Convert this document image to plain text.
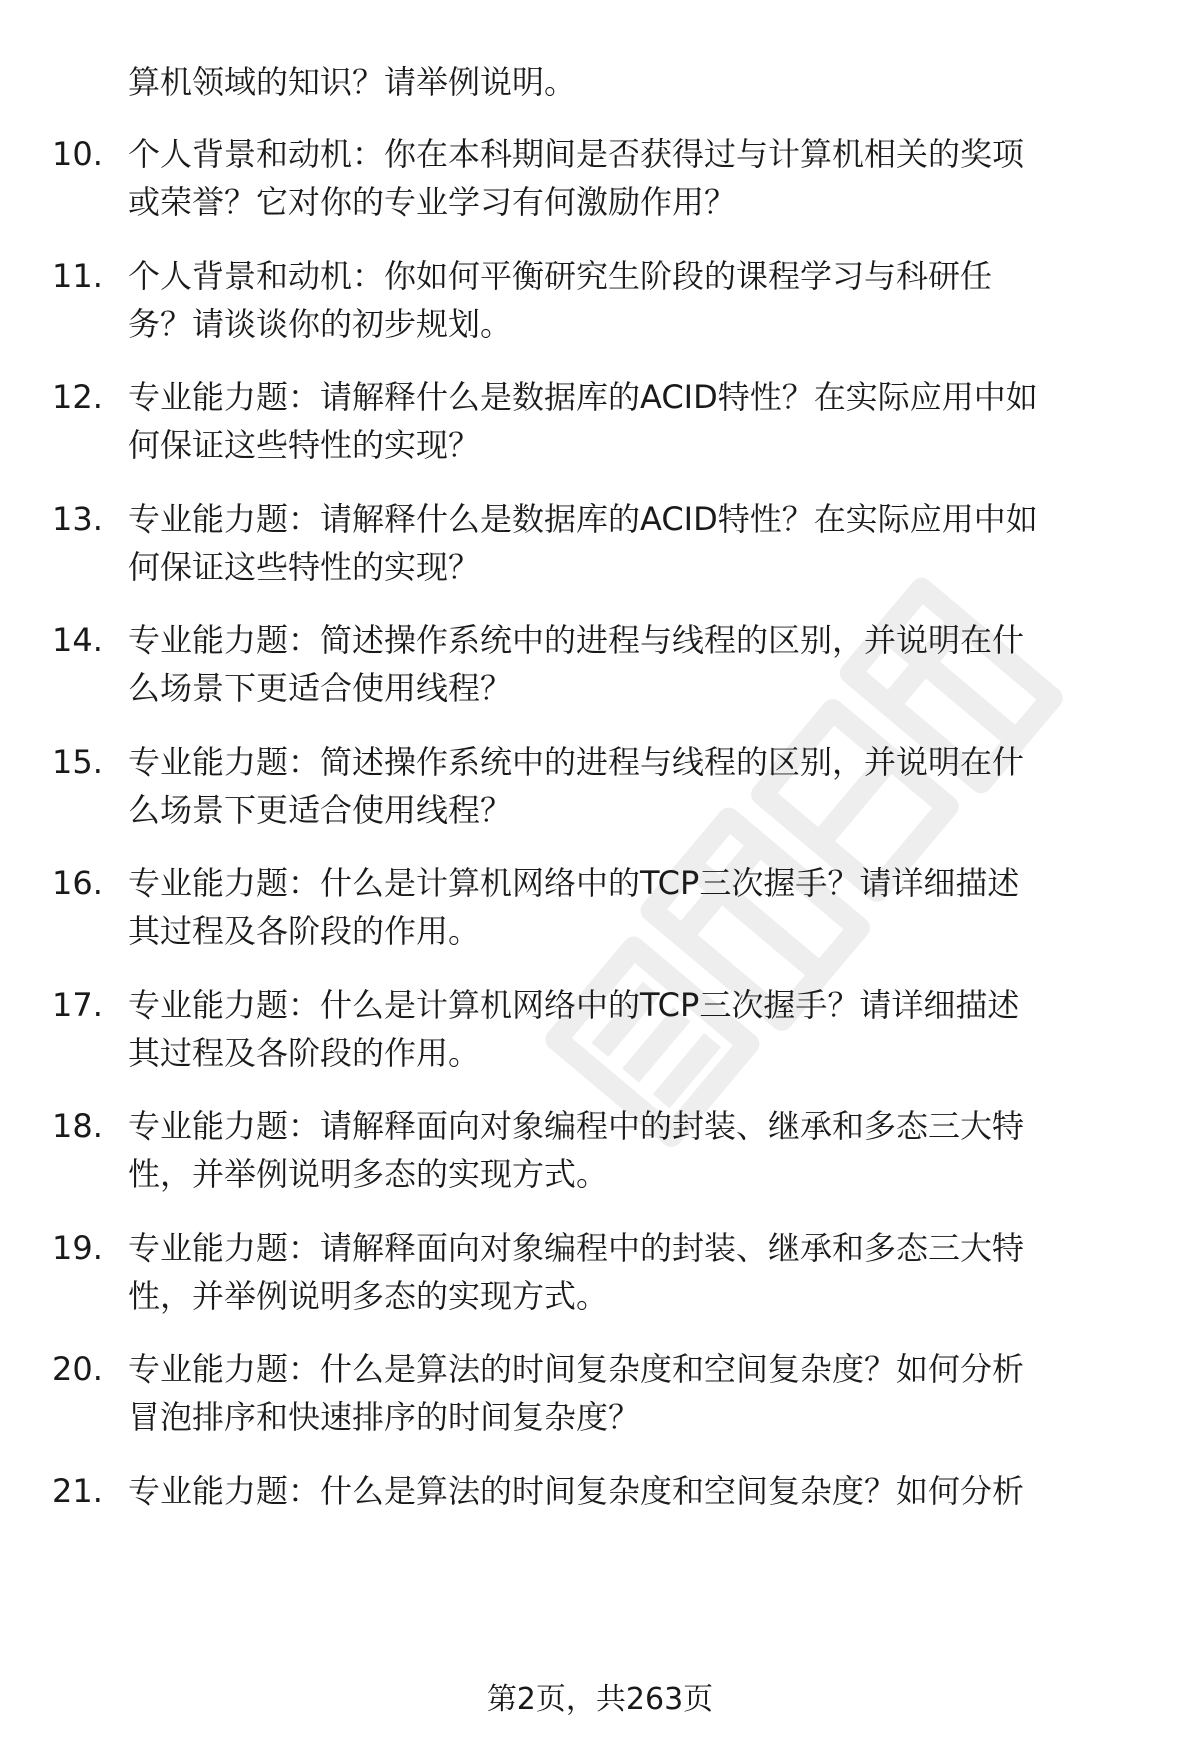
算机领域的知识？请举例说明。
10. 个人背景和动机：你在本科期间是否获得过与计算机相关的奖项
或荣誉？它对你的专业学习有何激励作用？
11. 个人背景和动机：你如何平衡研究生阶段的课程学习与科研任
务？请谈谈你的初步规划。
12. 专业能力题：请解释什么是数据库的ACID特性？在实际应用中如
何保证这些特性的实现？
13. 专业能力题：请解释什么是数据库的ACID特性？在实际应用中如
何保证这些特性的实现？
14. 专业能力题：简述操作系统中的进程与线程的区别，并说明在什
么场景下更适合使用线程？
15. 专业能力题：简述操作系统中的进程与线程的区别，并说明在什
么场景下更适合使用线程？
16. 专业能力题：什么是计算机网络中的TCP三次握手？请详细描述
其过程及各阶段的作用。
17. 专业能力题：什么是计算机网络中的TCP三次握手？请详细描述
其过程及各阶段的作用。
18. 专业能力题：请解释面向对象编程中的封装、继承和多态三大特
性，并举例说明多态的实现方式。
19. 专业能力题：请解释面向对象编程中的封装、继承和多态三大特
性，并举例说明多态的实现方式。
20. 专业能力题：什么是算法的时间复杂度和空间复杂度？如何分析
冒泡排序和快速排序的时间复杂度？
21. 专业能力题：什么是算法的时间复杂度和空间复杂度？如何分析
第2页，共263页
